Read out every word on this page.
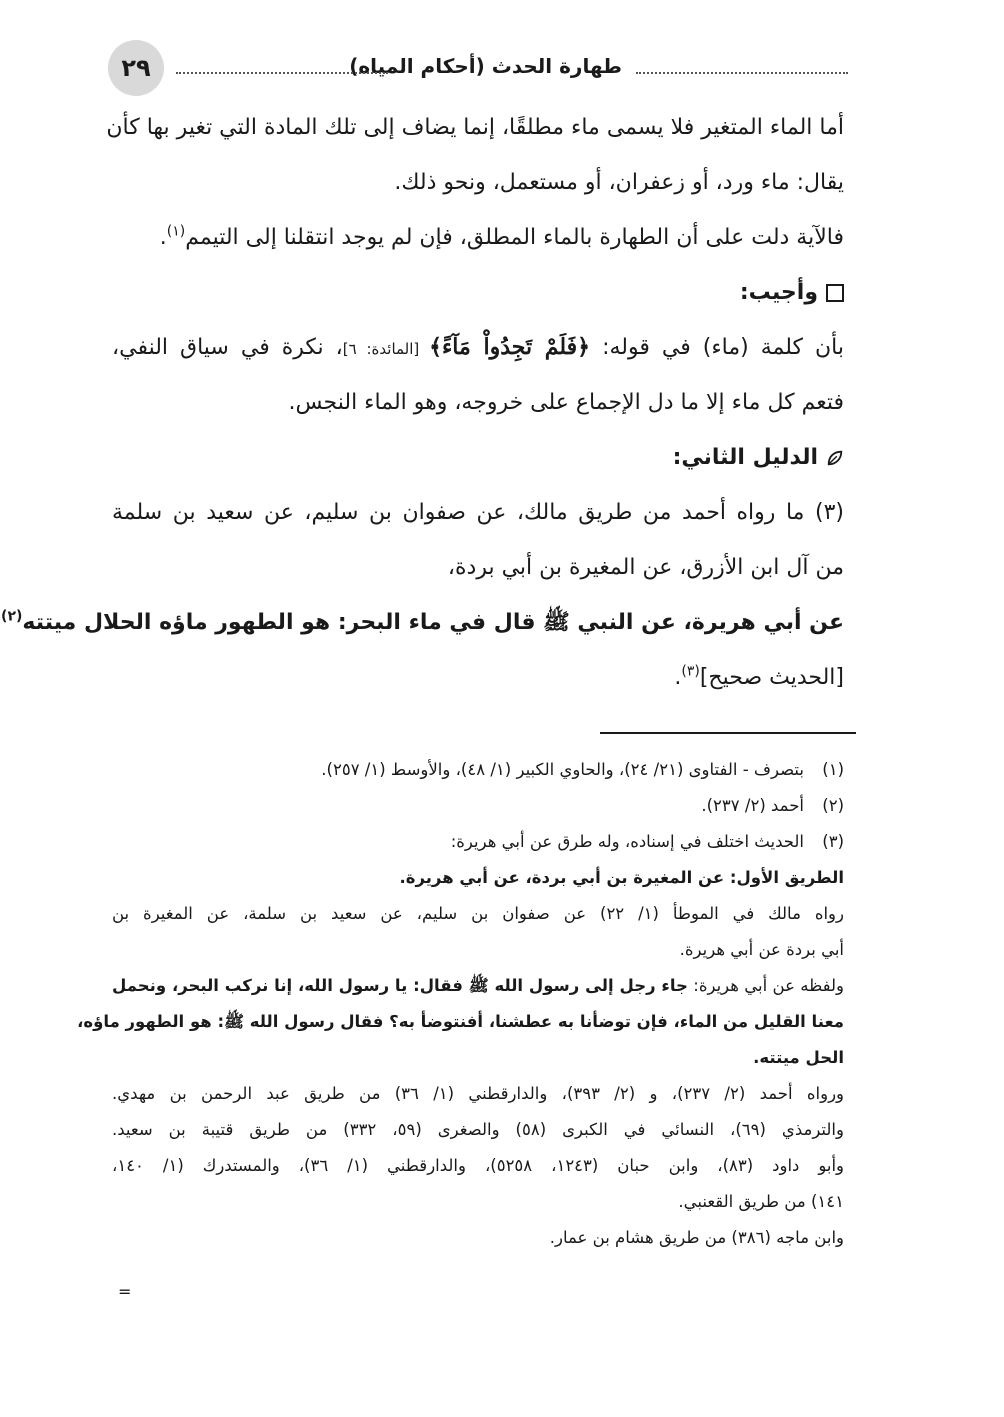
٢٩	طهارة الحدث (أحكام المياه)
أما الماء المتغير فلا يسمى ماء مطلقًا، إنما يضاف إلى تلك المادة التي تغير بها كأن
يقال: ماء ورد، أو زعفران، أو مستعمل، ونحو ذلك.
فالآية دلت على أن الطهارة بالماء المطلق، فإن لم يوجد انتقلنا إلى التيمم$^{(١)}$.
وأجيب:
بأن كلمة (ماء) في قوله: ﴿فَلَمْ تَجِدُواْ مَآءً﴾ [المائدة: ٦]، نكرة في سياق النفي،
فتعم كل ماء إلا ما دل الإجماع على خروجه، وهو الماء النجس.
الدليل الثاني:
(٣) ما رواه أحمد من طريق مالك، عن صفوان بن سليم، عن سعيد بن سلمة
من آل ابن الأزرق، عن المغيرة بن أبي بردة،
عن أبي هريرة، عن النبي ﷺ قال في ماء البحر: هو الطهور ماؤه الحلال ميتته$^{(٢)}$
[الحديث صحيح]$^{(٣)}$.
(١)
بتصرف - الفتاوى (٢١/ ٢٤)، والحاوي الكبير (١/ ٤٨)، والأوسط (١/ ٢٥٧).
(٢)
أحمد (٢/ ٢٣٧).
(٣)
الحديث اختلف في إسناده، وله طرق عن أبي هريرة:
الطريق الأول: عن المغيرة بن أبي بردة، عن أبي هريرة.
رواه مالك في الموطأ (١/ ٢٢) عن صفوان بن سليم، عن سعيد بن سلمة، عن المغيرة بن
أبي بردة عن أبي هريرة.
ولفظه عن أبي هريرة: جاء رجل إلى رسول الله ﷺ فقال: يا رسول الله، إنا نركب البحر، ونحمل
معنا القليل من الماء، فإن توضأنا به عطشنا، أفنتوضأ به؟ فقال رسول الله ﷺ: هو الطهور ماؤه،
الحل ميتته.
ورواه أحمد (٢/ ٢٣٧)، و (٢/ ٣٩٣)، والدارقطني (١/ ٣٦) من طريق عبد الرحمن بن مهدي.
والترمذي (٦٩)، النسائي في الكبرى (٥٨) والصغرى (٥٩، ٣٣٢) من طريق قتيبة بن سعيد.
وأبو داود (٨٣)، وابن حبان (١٢٤٣، ٥٢٥٨)، والدارقطني (١/ ٣٦)، والمستدرك (١/ ١٤٠،
١٤١) من طريق القعنبي.
وابن ماجه (٣٨٦) من طريق هشام بن عمار.
=
